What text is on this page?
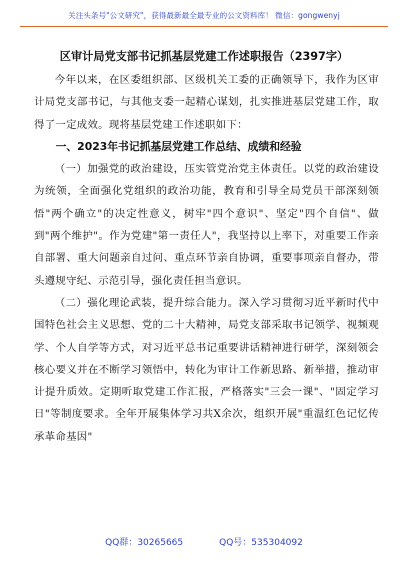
关注头条号"公文研究"，获得最新最全最专业的公文资料库！ 微信：gongwenyj
区审计局党支部书记抓基层党建工作述职报告（2397字）

今年以来，在区委组织部、区级机关工委的正确领导下，我作为区审计局党支部书记，与其他支委一起精心谋划，扎实推进基层党建工作，取得了一定成效。现将基层党建工作述职如下：

一、2023年书记抓基层党建工作总结、成绩和经验

（一）加强党的政治建设，压实管党治党主体责任。以党的政治建设为统领，全面强化党组织的政治功能，教育和引导全局党员干部深刻领悟"两个确立"的决定性意义，树牢"四个意识"、坚定"四个自信"、做到"两个维护"。作为党建"第一责任人"，我坚持以上率下，对重要工作亲自部署、重大问题亲自过问、重点环节亲自协调，重要事项亲自督办，带头遵规守纪、示范引导，强化责任担当意识。

（二）强化理论武装，提升综合能力。深入学习贯彻习近平新时代中国特色社会主义思想、党的二十大精神，局党支部采取书记领学、视频观学、个人自学等方式，对习近平总书记重要讲话精神进行研学，深刻领会核心要义并在不断学习领悟中，转化为审计工作新思路、新举措，推动审计提升质效。定期听取党建工作汇报，严格落实"三会一课"、"固定学习日"等制度要求。全年开展集体学习共X余次，组织开展"重温红色记忆传承革命基因"

QQ群：30265665	QQ号：535304092
